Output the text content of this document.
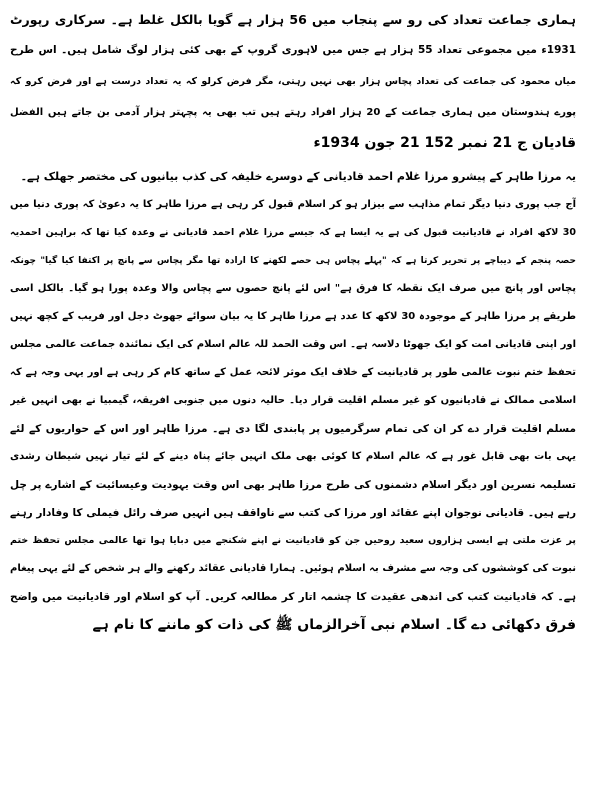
ہماری جماعت تعداد کی رو سے پنجاب میں 56 ہزار ہے گویا بالکل غلط ہے۔ سرکاری رپورٹ
1931ء میں مجموعی تعداد 55 ہزار ہے جس میں لاہوری گروپ کے بھی کئی ہزار لوگ شامل ہیں۔ اس طرح
میاں محمود کی جماعت کی تعداد پچاس ہزار بھی نہیں رہتی، مگر فرض کرلو کہ یہ تعداد درست ہے اور فرض کرو کہ
پورے ہندوستان میں ہماری جماعت کے 20 ہزار افراد رہتے ہیں تب بھی یہ پچہتر ہزار آدمی بن جاتے ہیں الفضل
قادیان ج 21 نمبر 152 21 جون 1934ء
یہ مرزا طاہر کے پیشرو مرزا غلام احمد قادیانی کے دوسرے خلیفہ کی کذب بیانیوں کی مختصر جھلک ہے۔
آج جب پوری دنیا دیگر تمام مذاہب سے بیزار ہو کر اسلام قبول کر رہی ہے مرزا طاہر کا یہ دعویٰ کہ پوری دنیا میں
30 لاکھ افراد نے قادیانیت قبول کی ہے یہ ایسا ہے کہ جیسے مرزا غلام احمد قادیانی نے وعدہ کیا تھا کہ براہین احمدیہ
حصہ پنجم کے دیباچے پر تحریر کرتا ہے کہ "پہلے پچاس ہی حصے لکھنے کا ارادہ تھا مگر پچاس سے پانچ پر اکتفا کیا گیا" چونکہ
پچاس اور پانچ میں صرف ایک نقطہ کا فرق ہے" اس لئے پانچ حصوں سے پچاس والا وعدہ پورا ہو گیا۔ بالکل اسی
طریقے پر مرزا طاہر کے موجودہ 30 لاکھ کا عدد ہے مرزا طاہر کا یہ بیان سوائے جھوٹ دجل اور فریب کے کچھ نہیں
اور اپنی قادیانی امت کو ایک جھوٹا دلاسہ ہے۔ اس وقت الحمد للہ عالم اسلام کی ایک نمائندہ جماعت عالمی مجلس
تحفظ ختم نبوت عالمی طور پر قادیانیت کے خلاف ایک موثر لائحہ عمل کے ساتھ کام کر رہی ہے اور یہی وجہ ہے کہ
اسلامی ممالک نے قادیانیوں کو غیر مسلم اقلیت قرار دیا۔ حالیہ دنوں میں جنوبی افریقہ، گیمبیا نے بھی انہیں غیر
مسلم اقلیت قرار دے کر ان کی تمام سرگرمیوں پر پابندی لگا دی ہے۔ مرزا طاہر اور اس کے حواریوں کے لئے
یہی بات بھی قابل غور ہے کہ عالم اسلام کا کوئی بھی ملک انہیں جائے پناہ دینے کے لئے تیار نہیں شیطان رشدی
تسلیمہ نسرین اور دیگر اسلام دشمنوں کی طرح مرزا طاہر بھی اس وقت یہودیت وعیسائیت کے اشارے پر چل
رہے ہیں۔ قادیانی نوجوان اپنے عقائد اور مرزا کی کتب سے ناواقف ہیں انہیں صرف رائل فیملی کا وفادار رہنے
پر عزت ملتی ہے ایسی ہزاروں سعید روحیں جن کو قادیانیت نے اپنے شکنجے میں دبایا ہوا تھا عالمی مجلس تحفظ ختم
نبوت کی کوششوں کی وجہ سے مشرف بہ اسلام ہوئیں۔ ہمارا قادیانی عقائد رکھنے والے ہر شخص کے لئے یہی پیغام
ہے۔ کہ قادیانیت کتب کی اندھی عقیدت کا چشمہ اتار کر مطالعہ کریں۔ آپ کو اسلام اور قادیانیت میں واضح
فرق دکھائی دے گا۔ اسلام نبی آخرالزماں ﷺ کی ذات کو ماننے کا نام ہے
